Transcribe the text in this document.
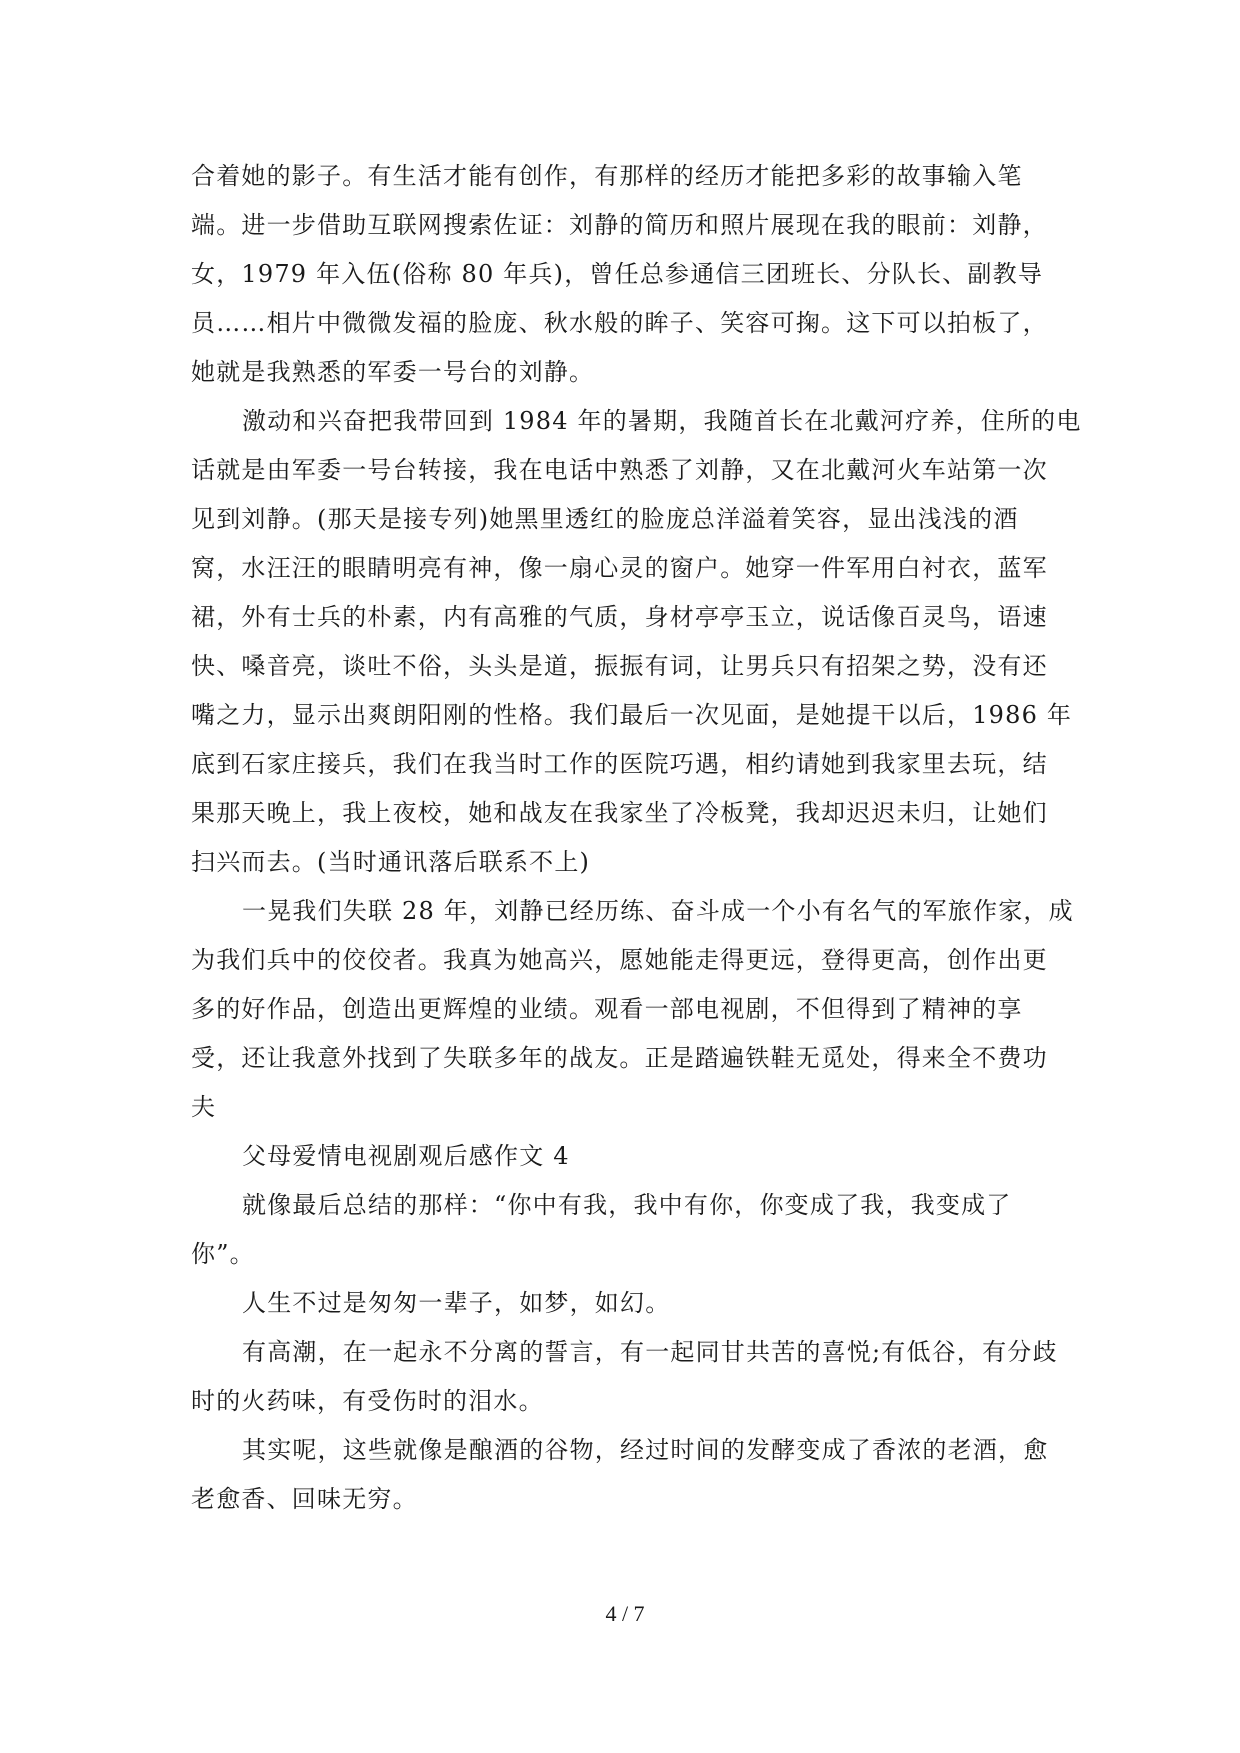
合着她的影子。有生活才能有创作，有那样的经历才能把多彩的故事输入笔
端。进一步借助互联网搜索佐证：刘静的简历和照片展现在我的眼前：刘静，
女，1979 年入伍(俗称 80 年兵)，曾任总参通信三团班长、分队长、副教导
员……相片中微微发福的脸庞、秋水般的眸子、笑容可掬。这下可以拍板了，
她就是我熟悉的军委一号台的刘静。
激动和兴奋把我带回到 1984 年的暑期，我随首长在北戴河疗养，住所的电
话就是由军委一号台转接，我在电话中熟悉了刘静，又在北戴河火车站第一次
见到刘静。(那天是接专列)她黑里透红的脸庞总洋溢着笑容，显出浅浅的酒
窝，水汪汪的眼睛明亮有神，像一扇心灵的窗户。她穿一件军用白衬衣，蓝军
裙，外有士兵的朴素，内有高雅的气质，身材亭亭玉立，说话像百灵鸟，语速
快、嗓音亮，谈吐不俗，头头是道，振振有词，让男兵只有招架之势，没有还
嘴之力，显示出爽朗阳刚的性格。我们最后一次见面，是她提干以后，1986 年
底到石家庄接兵，我们在我当时工作的医院巧遇，相约请她到我家里去玩，结
果那天晚上，我上夜校，她和战友在我家坐了冷板凳，我却迟迟未归，让她们
扫兴而去。(当时通讯落后联系不上)
一晃我们失联 28 年，刘静已经历练、奋斗成一个小有名气的军旅作家，成
为我们兵中的佼佼者。我真为她高兴，愿她能走得更远，登得更高，创作出更
多的好作品，创造出更辉煌的业绩。观看一部电视剧，不但得到了精神的享
受，还让我意外找到了失联多年的战友。正是踏遍铁鞋无觅处，得来全不费功
夫
父母爱情电视剧观后感作文 4
就像最后总结的那样：“你中有我，我中有你，你变成了我，我变成了
你”。
人生不过是匆匆一辈子，如梦，如幻。
有高潮，在一起永不分离的誓言，有一起同甘共苦的喜悦;有低谷，有分歧
时的火药味，有受伤时的泪水。
其实呢，这些就像是酿酒的谷物，经过时间的发酵变成了香浓的老酒，愈
老愈香、回味无穷。
4 / 7
